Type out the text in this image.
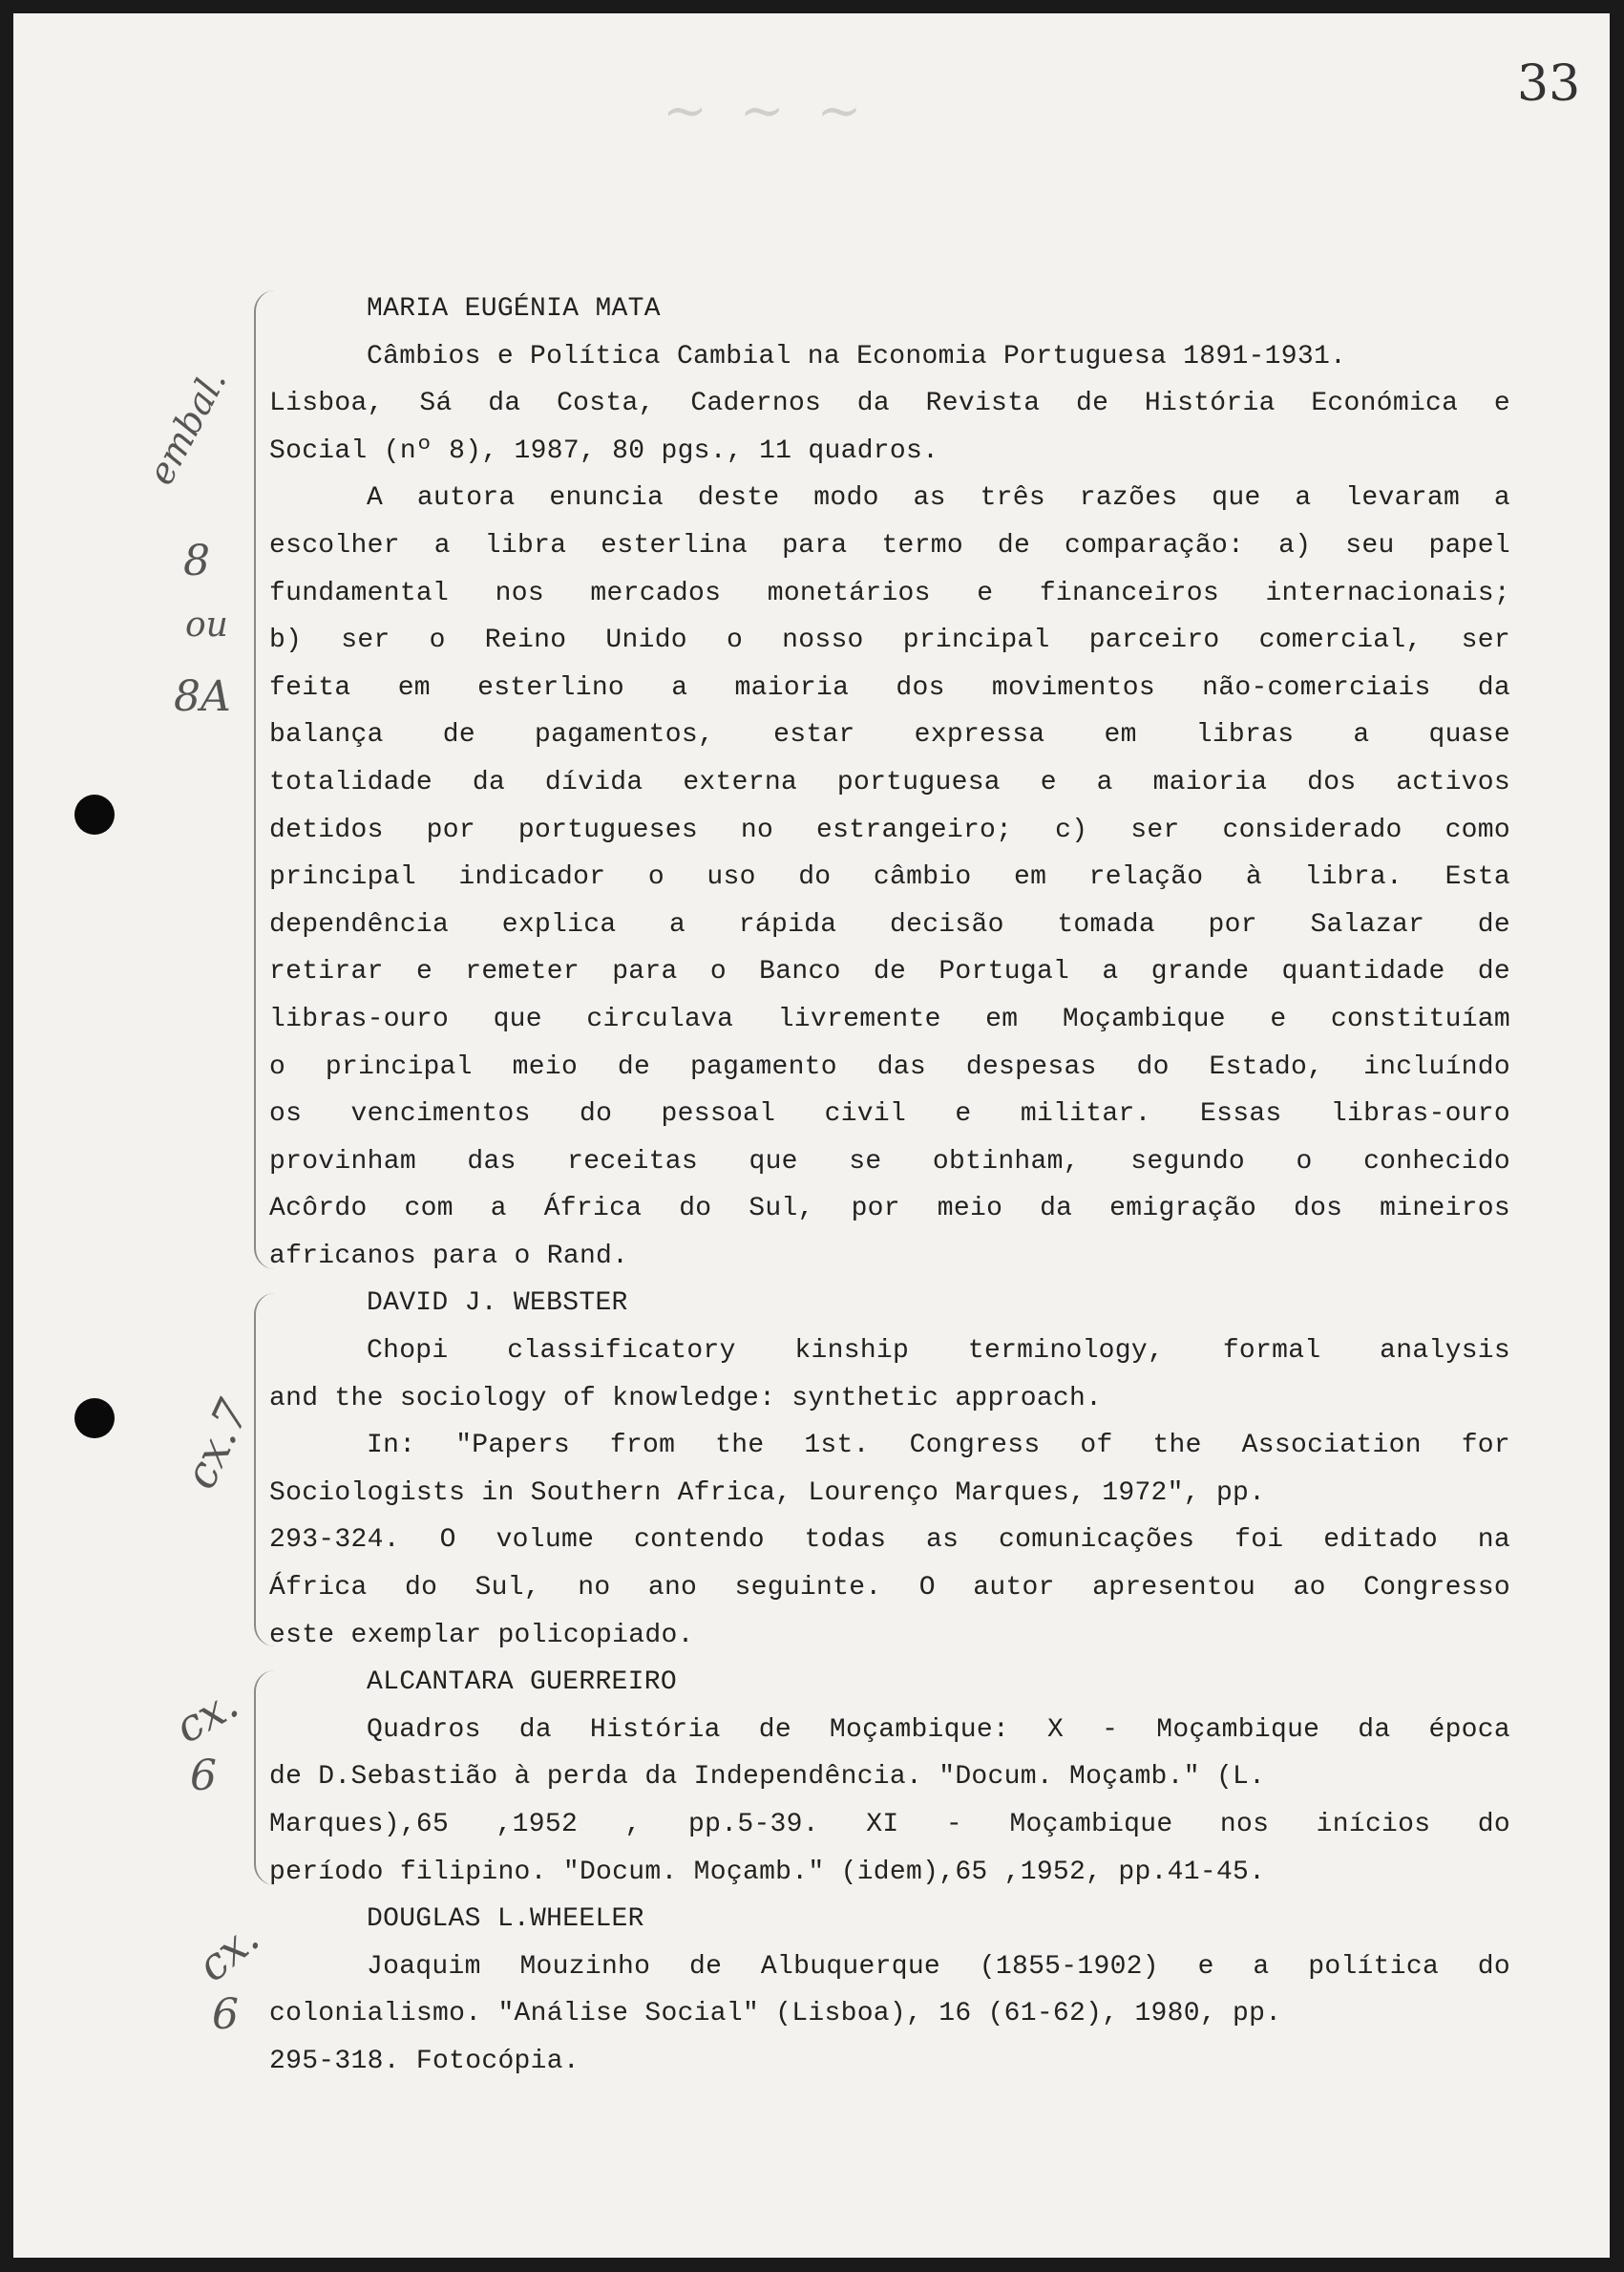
~ ~ ~	33
embal.
8
ou
8A
cx.7
cx.
6
cx.
6
MARIA EUGÉNIA MATA
Câmbios e Política Cambial na Economia Portuguesa 1891-1931.
Lisboa, Sá da Costa, Cadernos da Revista de História Económica e
Social (nº 8), 1987, 80 pgs., 11 quadros.
A autora enuncia deste modo as três razões que a levaram a
escolher a libra esterlina para termo de comparação: a) seu papel
fundamental nos mercados monetários e financeiros internacionais;
b) ser o Reino Unido o nosso principal parceiro comercial, ser
feita em esterlino a maioria dos movimentos não-comerciais da
balança de pagamentos, estar expressa em libras a quase
totalidade da dívida externa portuguesa e a maioria dos activos
detidos por portugueses no estrangeiro; c) ser considerado como
principal indicador o uso do câmbio em relação à libra. Esta
dependência explica a rápida decisão tomada por Salazar de
retirar e remeter para o Banco de Portugal a grande quantidade de
libras-ouro que circulava livremente em Moçambique e constituíam
o principal meio de pagamento das despesas do Estado, incluíndo
os vencimentos do pessoal civil e militar. Essas libras-ouro
provinham das receitas que se obtinham, segundo o conhecido
Acôrdo com a África do Sul, por meio da emigração dos mineiros
africanos para o Rand.
DAVID J. WEBSTER
Chopi classificatory kinship terminology, formal analysis
and the sociology of knowledge: synthetic approach.
In: "Papers from the 1st. Congress of the Association for
Sociologists in Southern Africa, Lourenço Marques, 1972", pp.
293-324. O volume contendo todas as comunicações foi editado na
África do Sul, no ano seguinte. O autor apresentou ao Congresso
este exemplar policopiado.
ALCANTARA GUERREIRO
Quadros da História de Moçambique: X - Moçambique da época
de D.Sebastião à perda da Independência. "Docum. Moçamb." (L.
Marques),65 ,1952 , pp.5-39. XI - Moçambique nos inícios do
período filipino. "Docum. Moçamb." (idem),65 ,1952, pp.41-45.
DOUGLAS L.WHEELER
Joaquim Mouzinho de Albuquerque (1855-1902) e a política do
colonialismo. "Análise Social" (Lisboa), 16 (61-62), 1980, pp.
295-318. Fotocópia.
